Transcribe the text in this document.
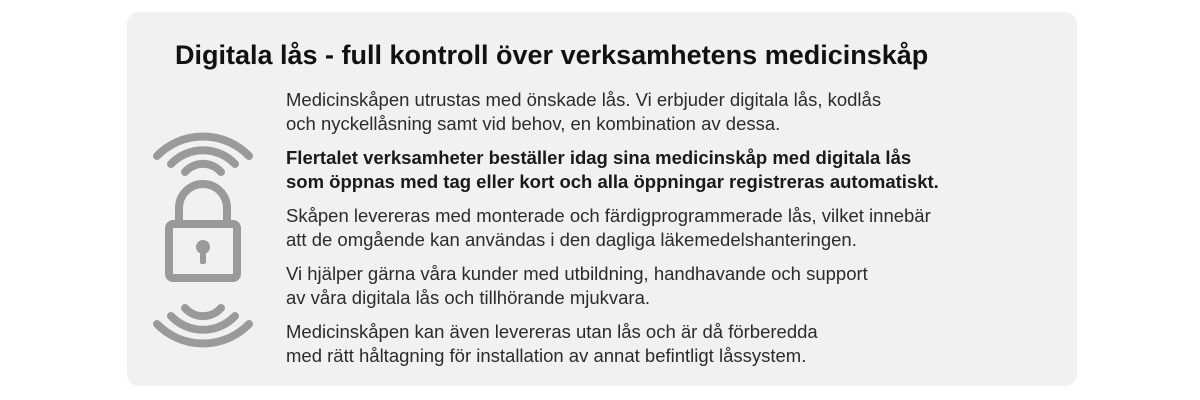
Digitala lås - full kontroll över verksamhetens medicinskåp

Medicinskåpen utrustas med önskade lås. Vi erbjuder digitala lås, kodlås
och nyckellåsning samt vid behov, en kombination av dessa.

Flertalet verksamheter beställer idag sina medicinskåp med digitala lås
som öppnas med tag eller kort och alla öppningar registreras automatiskt.

Skåpen levereras med monterade och färdigprogrammerade lås, vilket innebär
att de omgående kan användas i den dagliga läkemedelshanteringen.

Vi hjälper gärna våra kunder med utbildning, handhavande och support
av våra digitala lås och tillhörande mjukvara.

Medicinskåpen kan även levereras utan lås och är då förberedda
med rätt håltagning för installation av annat befintligt låssystem.
